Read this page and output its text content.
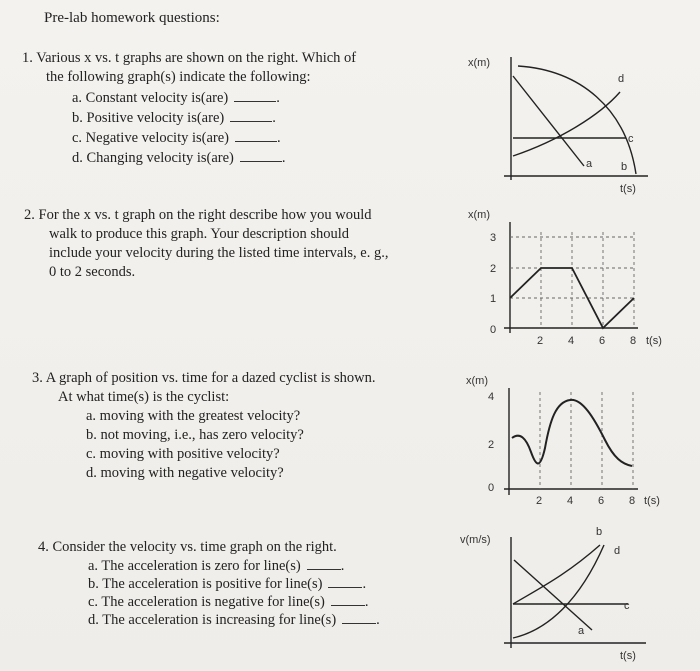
Pre-lab homework questions:
1. Various x vs. t graphs are shown on the right. Which of
the following graph(s) indicate the following:
a. Constant velocity is(are)	.
b. Positive velocity is(are)	.
c. Negative velocity is(are)	.
d. Changing velocity is(are)	.
2. For the x vs. t graph on the right describe how you would
walk to produce this graph. Your description should
include your velocity during the listed time intervals, e. g.,
0 to 2 seconds.
3. A graph of position vs. time for a dazed cyclist is shown.
At what time(s) is the cyclist:
a. moving with the greatest velocity?
b. not moving, i.e., has zero velocity?
c. moving with positive velocity?
d. moving with negative velocity?
4. Consider the velocity vs. time graph on the right.
a. The acceleration is zero for line(s)	.
b. The acceleration is positive for line(s)	.
c. The acceleration is negative for line(s)	.
d. The acceleration is increasing for line(s)	.
x(m)
t(s)
a	b
c
d
x(m)
3
2
1
0
2 4 6 8 t(s)
x(m)
4
2
0
2 4 6 8 t(s)
v(m/s)
a
b
c
d
t(s)
